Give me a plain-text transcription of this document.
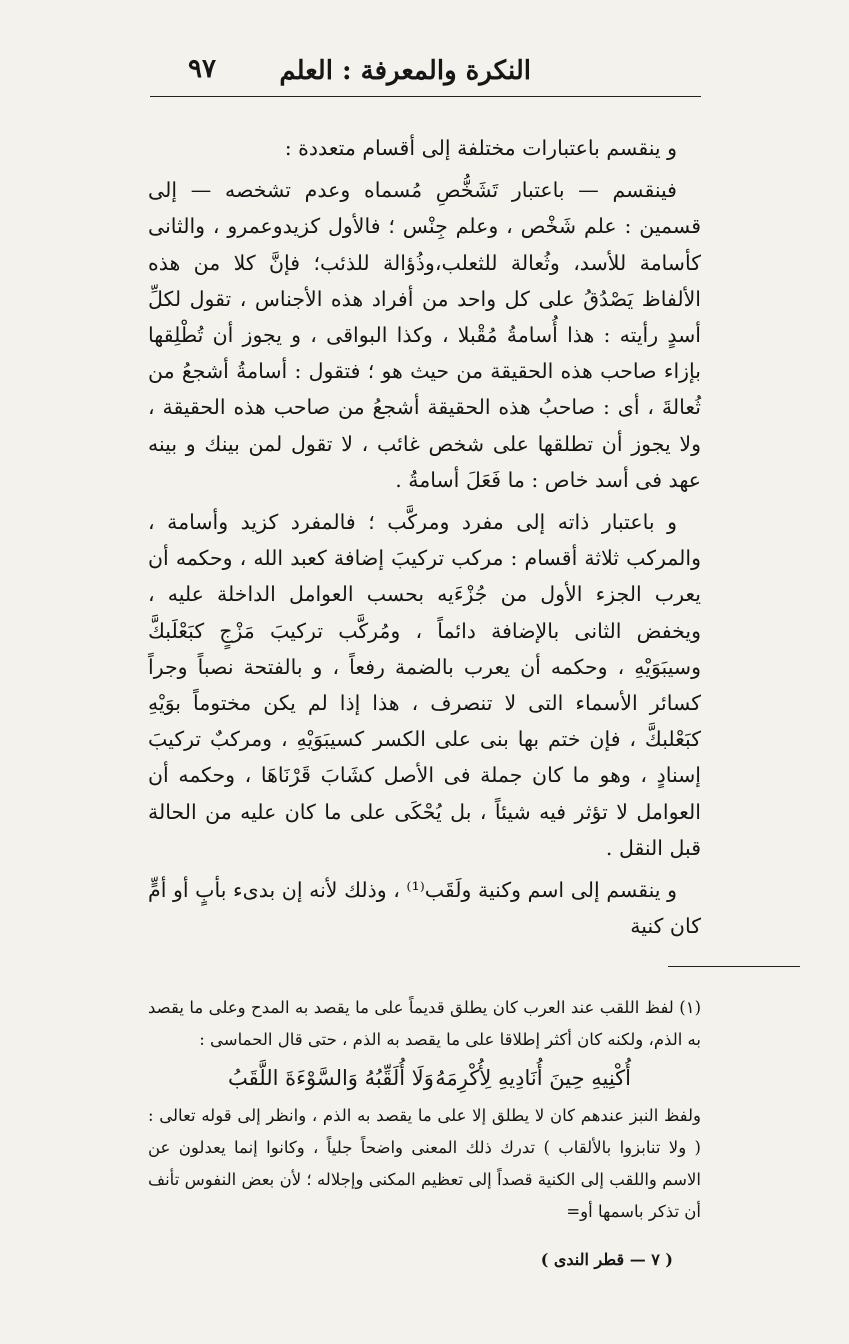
النكرة والمعرفة : العلم
٩٧

و ينقسم باعتبارات مختلفة إلى أقسام متعددة :

فينقسم — باعتبار تَشَخُّصِ مُسماه وعدم تشخصه — إلى قسمين : علم شَخْص ، وعلم جِنْس ؛ فالأول كزيدوعمرو ، والثانى كأسامة للأسد، وثُعالة للثعلب،وذُؤالة للذئب؛ فإنَّ كلا من هذه الألفاظ يَصْدُقُ على كل واحد من أفراد هذه الأجناس ، تقول لكلِّ أسدٍ رأيته : هذا أُسامةُ مُقْبلا ، وكذا البواقى ، و يجوز أن تُطْلِقها بإزاء صاحب هذه الحقيقة من حيث هو ؛ فتقول : أسامةُ أشجعُ من ثُعالةَ ، أى : صاحبُ هذه الحقيقة أشجعُ من صاحب هذه الحقيقة ، ولا يجوز أن تطلقها على شخص غائب ، لا تقول لمن بينك و بينه عهد فى أسد خاص : ما فَعَلَ أسامةُ .

و باعتبار ذاته إلى مفرد ومركَّب ؛ فالمفرد كزيد وأسامة ، والمركب ثلاثة أقسام : مركب تركيبَ إضافة كعبد الله ، وحكمه أن يعرب الجزء الأول من جُزْءَيه بحسب العوامل الداخلة عليه ، ويخفض الثانى بالإضافة دائماً ، ومُركَّب تركيبَ مَزْجٍ كبَعْلَبكَّ وسيبَوَيْهِ ، وحكمه أن يعرب بالضمة رفعاً ، و بالفتحة نصباً وجراً كسائر الأسماء التى لا تنصرف ، هذا إذا لم يكن مختوماً بوَيْهِ كبَعْلبكَّ ، فإن ختم بها بنى على الكسر كسيبَوَيْهِ ، ومركبٌ تركيبَ إسنادٍ ، وهو ما كان جملة فى الأصل كشَابَ قَرْنَاهَا ، وحكمه أن العوامل لا تؤثر فيه شيئاً ، بل يُحْكَى على ما كان عليه من الحالة قبل النقل .

و ينقسم إلى اسم وكنية ولَقَب⁽¹⁾ ، وذلك لأنه إن بدىء بأبٍ أو أمٍّ كان كنية

(١) لفظ اللقب عند العرب كان يطلق قديماً على ما يقصد به المدح وعلى ما يقصد به الذم، ولكنه كان أكثر إطلاقا على ما يقصد به الذم ، حتى قال الحماسى :

أُكْنِيهِ حِينَ أُنَادِيهِ لِأُكْرِمَهُ
وَلَا أُلَقِّبُهُ وَالسَّوْءَةَ اللَّقَبُ

ولفظ النبز عندهم كان لا يطلق إلا على ما يقصد به الذم ، وانظر إلى قوله تعالى : ( ولا تنابزوا بالألقاب ) تدرك ذلك المعنى واضحاً جلياً ، وكانوا إنما يعدلون عن الاسم واللقب إلى الكنية قصداً إلى تعظيم المكنى وإجلاله ؛ لأن بعض النفوس تأنف أن تذكر باسمها أو=

( ٧ — قطر الندى )
